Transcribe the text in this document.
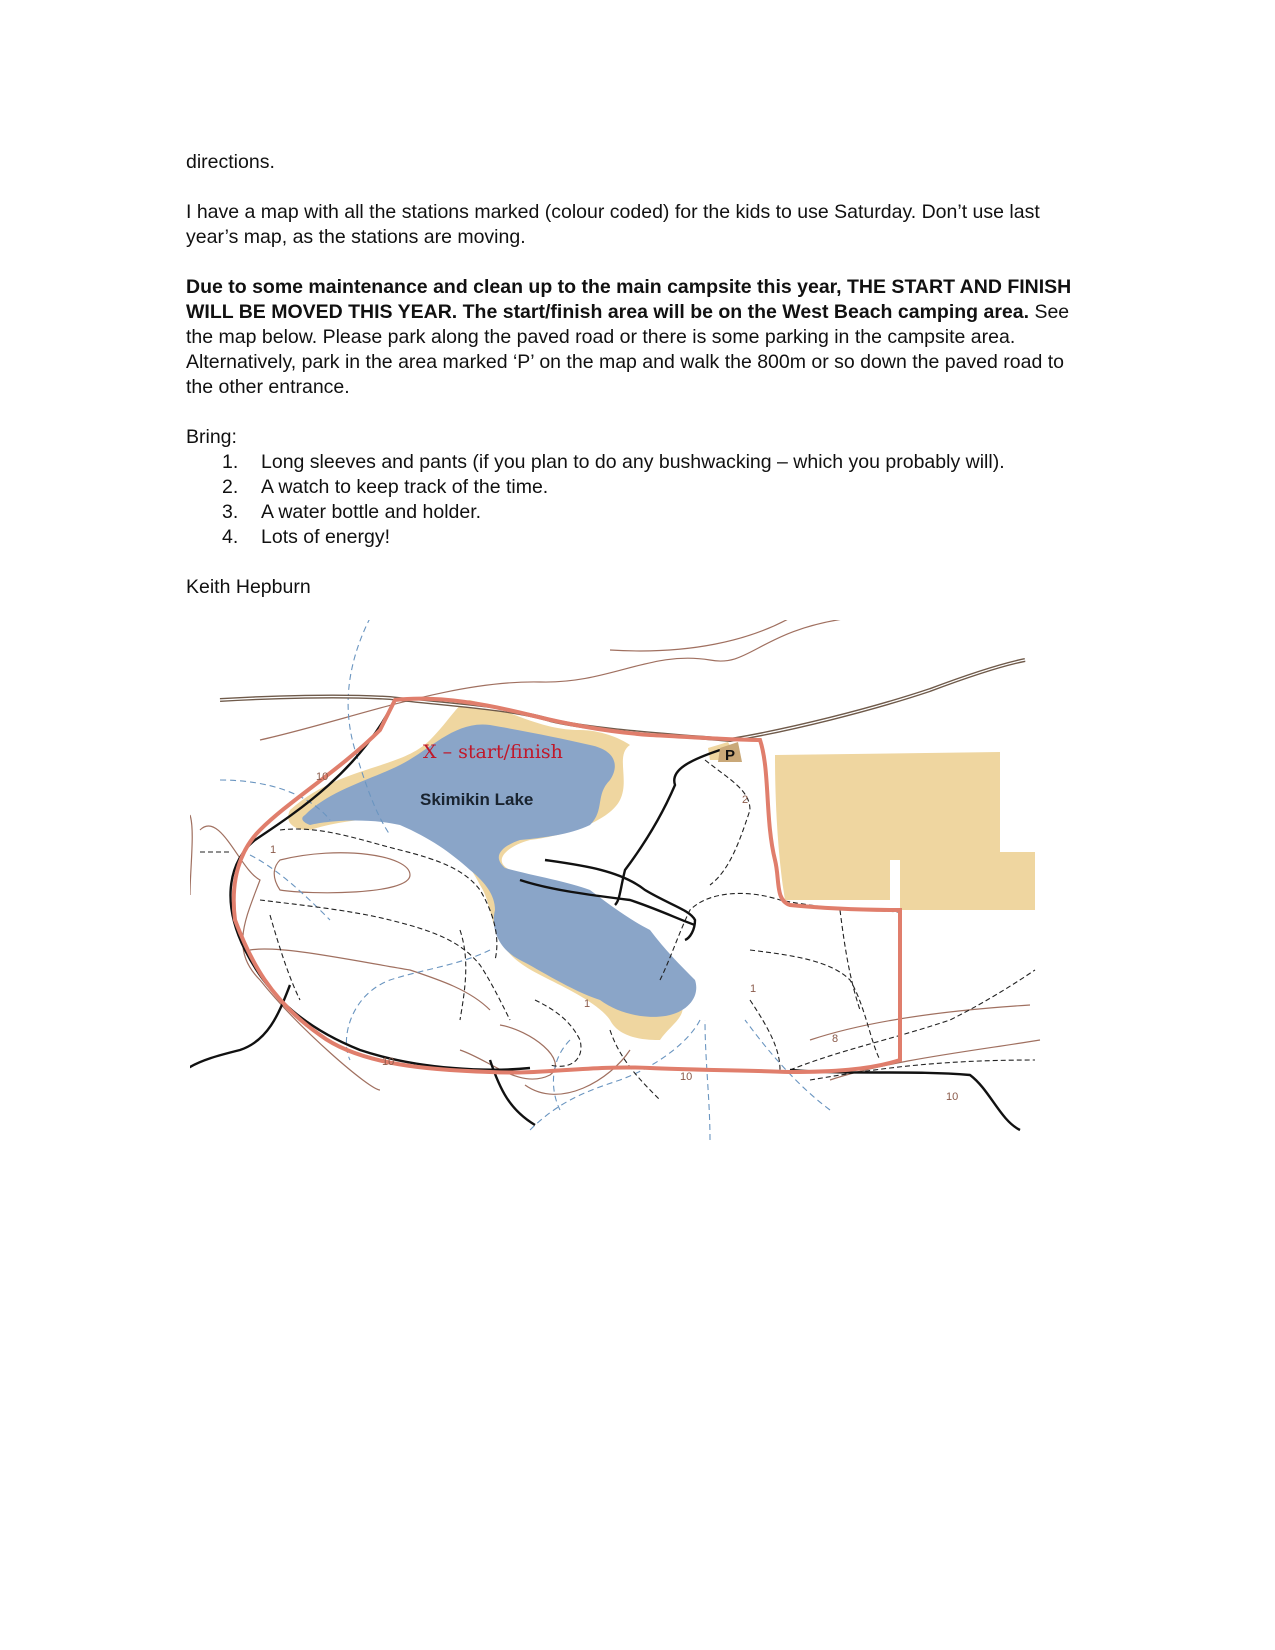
directions.

I have a map with all the stations marked (colour coded) for the kids to use Saturday. Don’t use last year’s map, as the stations are moving.

Due to some maintenance and clean up to the main campsite this year, THE START AND FINISH WILL BE MOVED THIS YEAR. The start/finish area will be on the West Beach camping area. See the map below. Please park along the paved road or there is some parking in the campsite area. Alternatively, park in the area marked ‘P’ on the map and walk the 800m or so down the paved road to the other entrance.

Bring:
1. Long sleeves and pants (if you plan to do any bushwacking – which you probably will).
2. A watch to keep track of the time.
3. A water bottle and holder.
4. Lots of energy!
Keith Hepburn
P
X – start/finish
Skimikin Lake
10
1
2
1
1
8
10
10
10
